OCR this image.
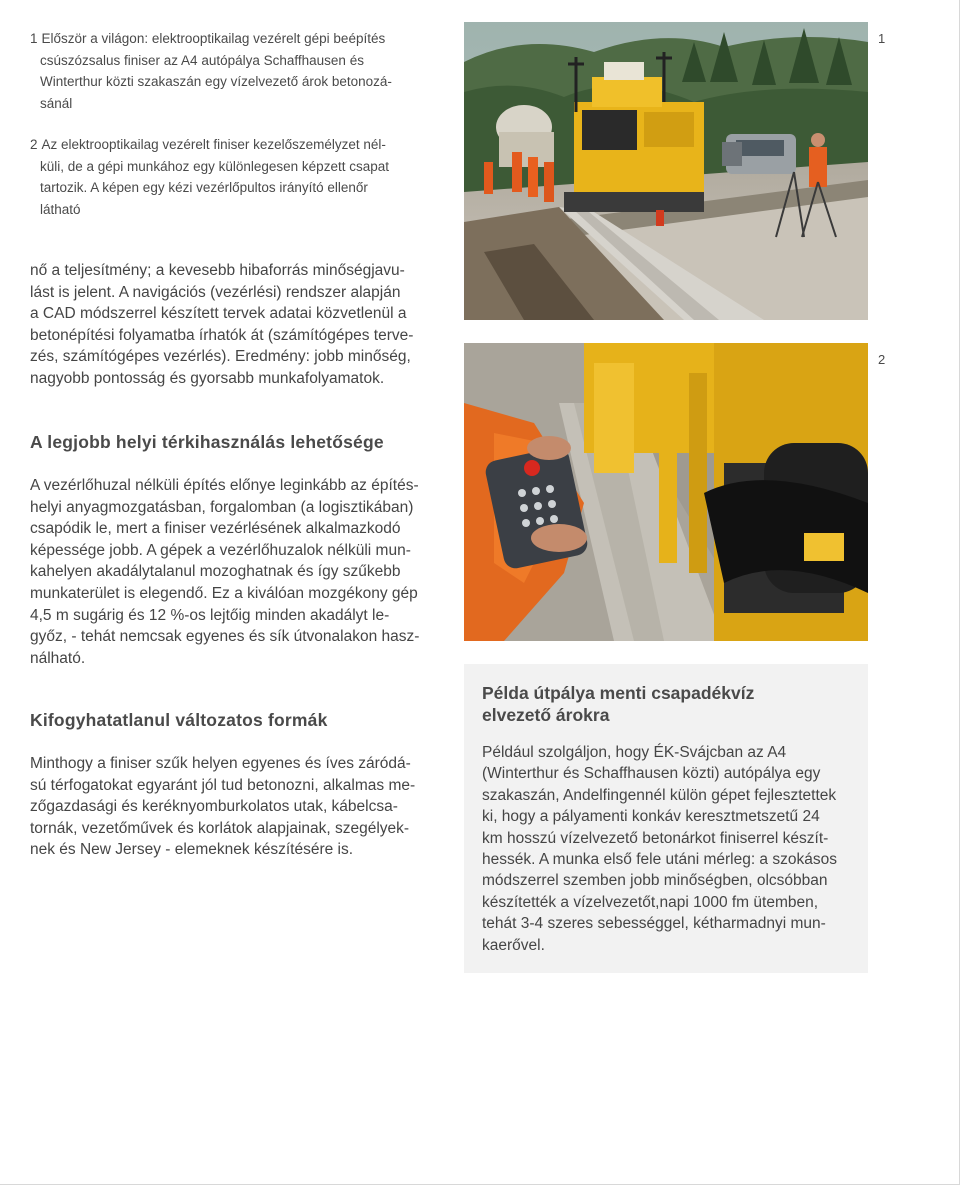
1 Először a világon: elektrooptikailag vezérelt gépi beépítés
csúszózsalus finiser az A4 autópálya Schaffhausen és
Winterthur közti szakaszán egy vízelvezető árok betonozá-
sánál
2 Az elektrooptikailag vezérelt finiser kezelőszemélyzet nél-
küli, de a gépi munkához egy különlegesen képzett csapat
tartozik. A képen egy kézi vezérlőpultos irányító ellenőr
látható
nő a teljesítmény; a kevesebb hibaforrás minőségjavu-
lást is jelent. A navigációs (vezérlési) rendszer alapján
a CAD módszerrel készített tervek adatai közvetlenül a
betonépítési folyamatba írhatók át (számítógépes terve-
zés, számítógépes vezérlés). Eredmény: jobb minőség,
nagyobb pontosság és gyorsabb munkafolyamatok.
A legjobb helyi térkihasználás lehetősége
A vezérlőhuzal nélküli építés előnye leginkább az építés-
helyi anyagmozgatásban, forgalomban (a logisztikában)
csapódik le, mert a finiser vezérlésének alkalmazkodó
képessége jobb. A gépek a vezérlőhuzalok nélküli mun-
kahelyen akadálytalanul mozoghatnak és így szűkebb
munkaterület is elegendő. Ez a kiválóan mozgékony gép
4,5 m sugárig és 12 %-os lejtőig minden akadályt le-
győz, - tehát nemcsak egyenes és sík útvonalakon hasz-
nálható.
Kifogyhatatlanul változatos formák
Minthogy a finiser szűk helyen egyenes és íves záródá-
sú térfogatokat egyaránt jól tud betonozni, alkalmas me-
zőgazdasági és keréknyomburkolatos utak, kábelcsa-
tornák, vezetőművek és korlátok alapjainak, szegélyek-
nek és New Jersey - elemeknek készítésére is.
1
2
Példa útpálya menti csapadékvíz
elvezető árokra
Például szolgáljon, hogy ÉK-Svájcban az A4
(Winterthur és Schaffhausen közti) autópálya egy
szakaszán, Andelfingennél külön gépet fejlesztettek
ki, hogy a pályamenti konkáv keresztmetszetű 24
km hosszú vízelvezető betonárkot finiserrel készít-
hessék. A munka első fele utáni mérleg: a szokásos
módszerrel szemben jobb minőségben, olcsóbban
készítették a vízelvezetőt,napi 1000 fm ütemben,
tehát 3-4 szeres sebességgel, kétharmadnyi mun-
kaerővel.
